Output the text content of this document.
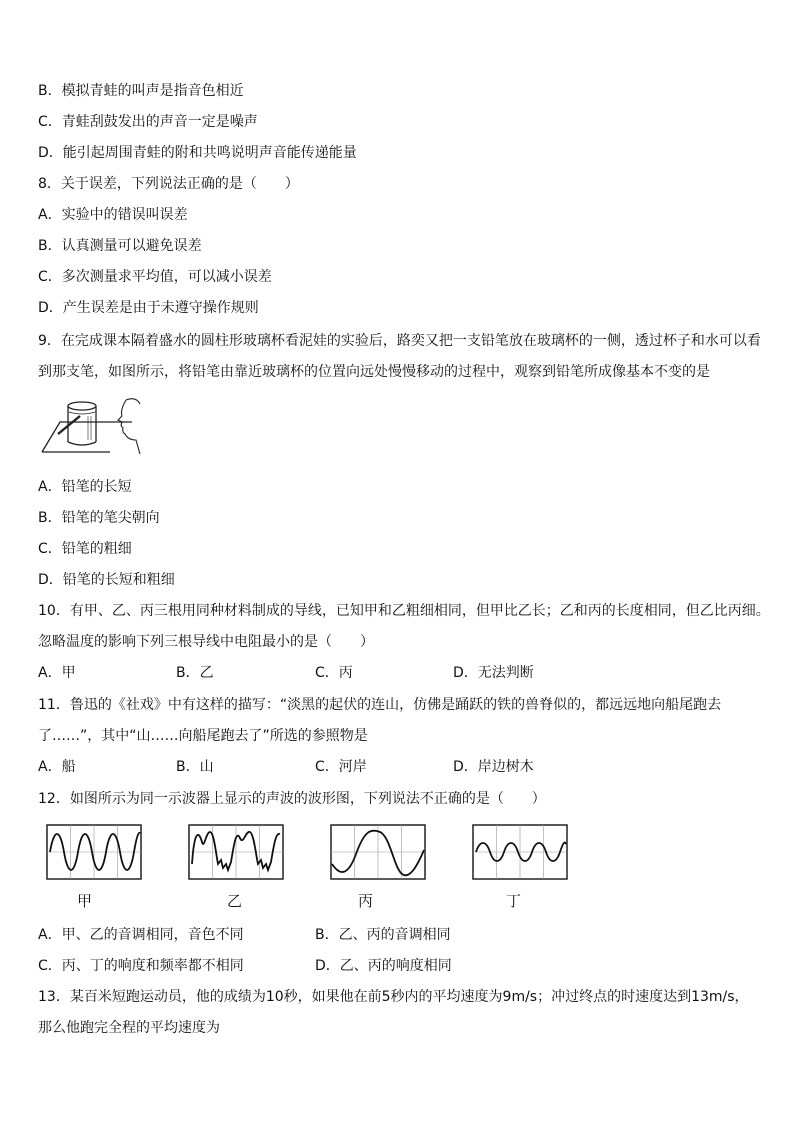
B．模拟青蛙的叫声是指音色相近
C．青蛙刮鼓发出的声音一定是噪声
D．能引起周围青蛙的附和共鸣说明声音能传递能量
8．关于误差，下列说法正确的是（　　）
A．实验中的错误叫误差
B．认真测量可以避免误差
C．多次测量求平均值，可以减小误差
D．产生误差是由于未遵守操作规则
9．在完成课本隔着盛水的圆柱形玻璃杯看泥娃的实验后，路奕又把一支铅笔放在玻璃杯的一侧，透过杯子和水可以看
到那支笔，如图所示，将铅笔由靠近玻璃杯的位置向远处慢慢移动的过程中，观察到铅笔所成像基本不变的是
A．铅笔的长短
B．铅笔的笔尖朝向
C．铅笔的粗细
D．铅笔的长短和粗细
10．有甲、乙、丙三根用同种材料制成的导线，已知甲和乙粗细相同，但甲比乙长；乙和丙的长度相同，但乙比丙细。
忽略温度的影响下列三根导线中电阻最小的是（　　）
A．甲	B．乙	C．丙	D．无法判断
11．鲁迅的《社戏》中有这样的描写：“淡黑的起伏的连山，仿佛是踊跃的铁的兽脊似的，都远远地向船尾跑去
了……”，其中“山……向船尾跑去了”所选的参照物是
A．船	B．山	C．河岸	D．岸边树木
12．如图所示为同一示波器上显示的声波的波形图，下列说法不正确的是（　　）
甲	乙	丙	丁
A．甲、乙的音调相同，音色不同	B．乙、丙的音调相同
C．丙、丁的响度和频率都不相同	D．乙、丙的响度相同
13．某百米短跑运动员，他的成绩为10秒，如果他在前5秒内的平均速度为9m/s；冲过终点的时速度达到13m/s，
那么他跑完全程的平均速度为
